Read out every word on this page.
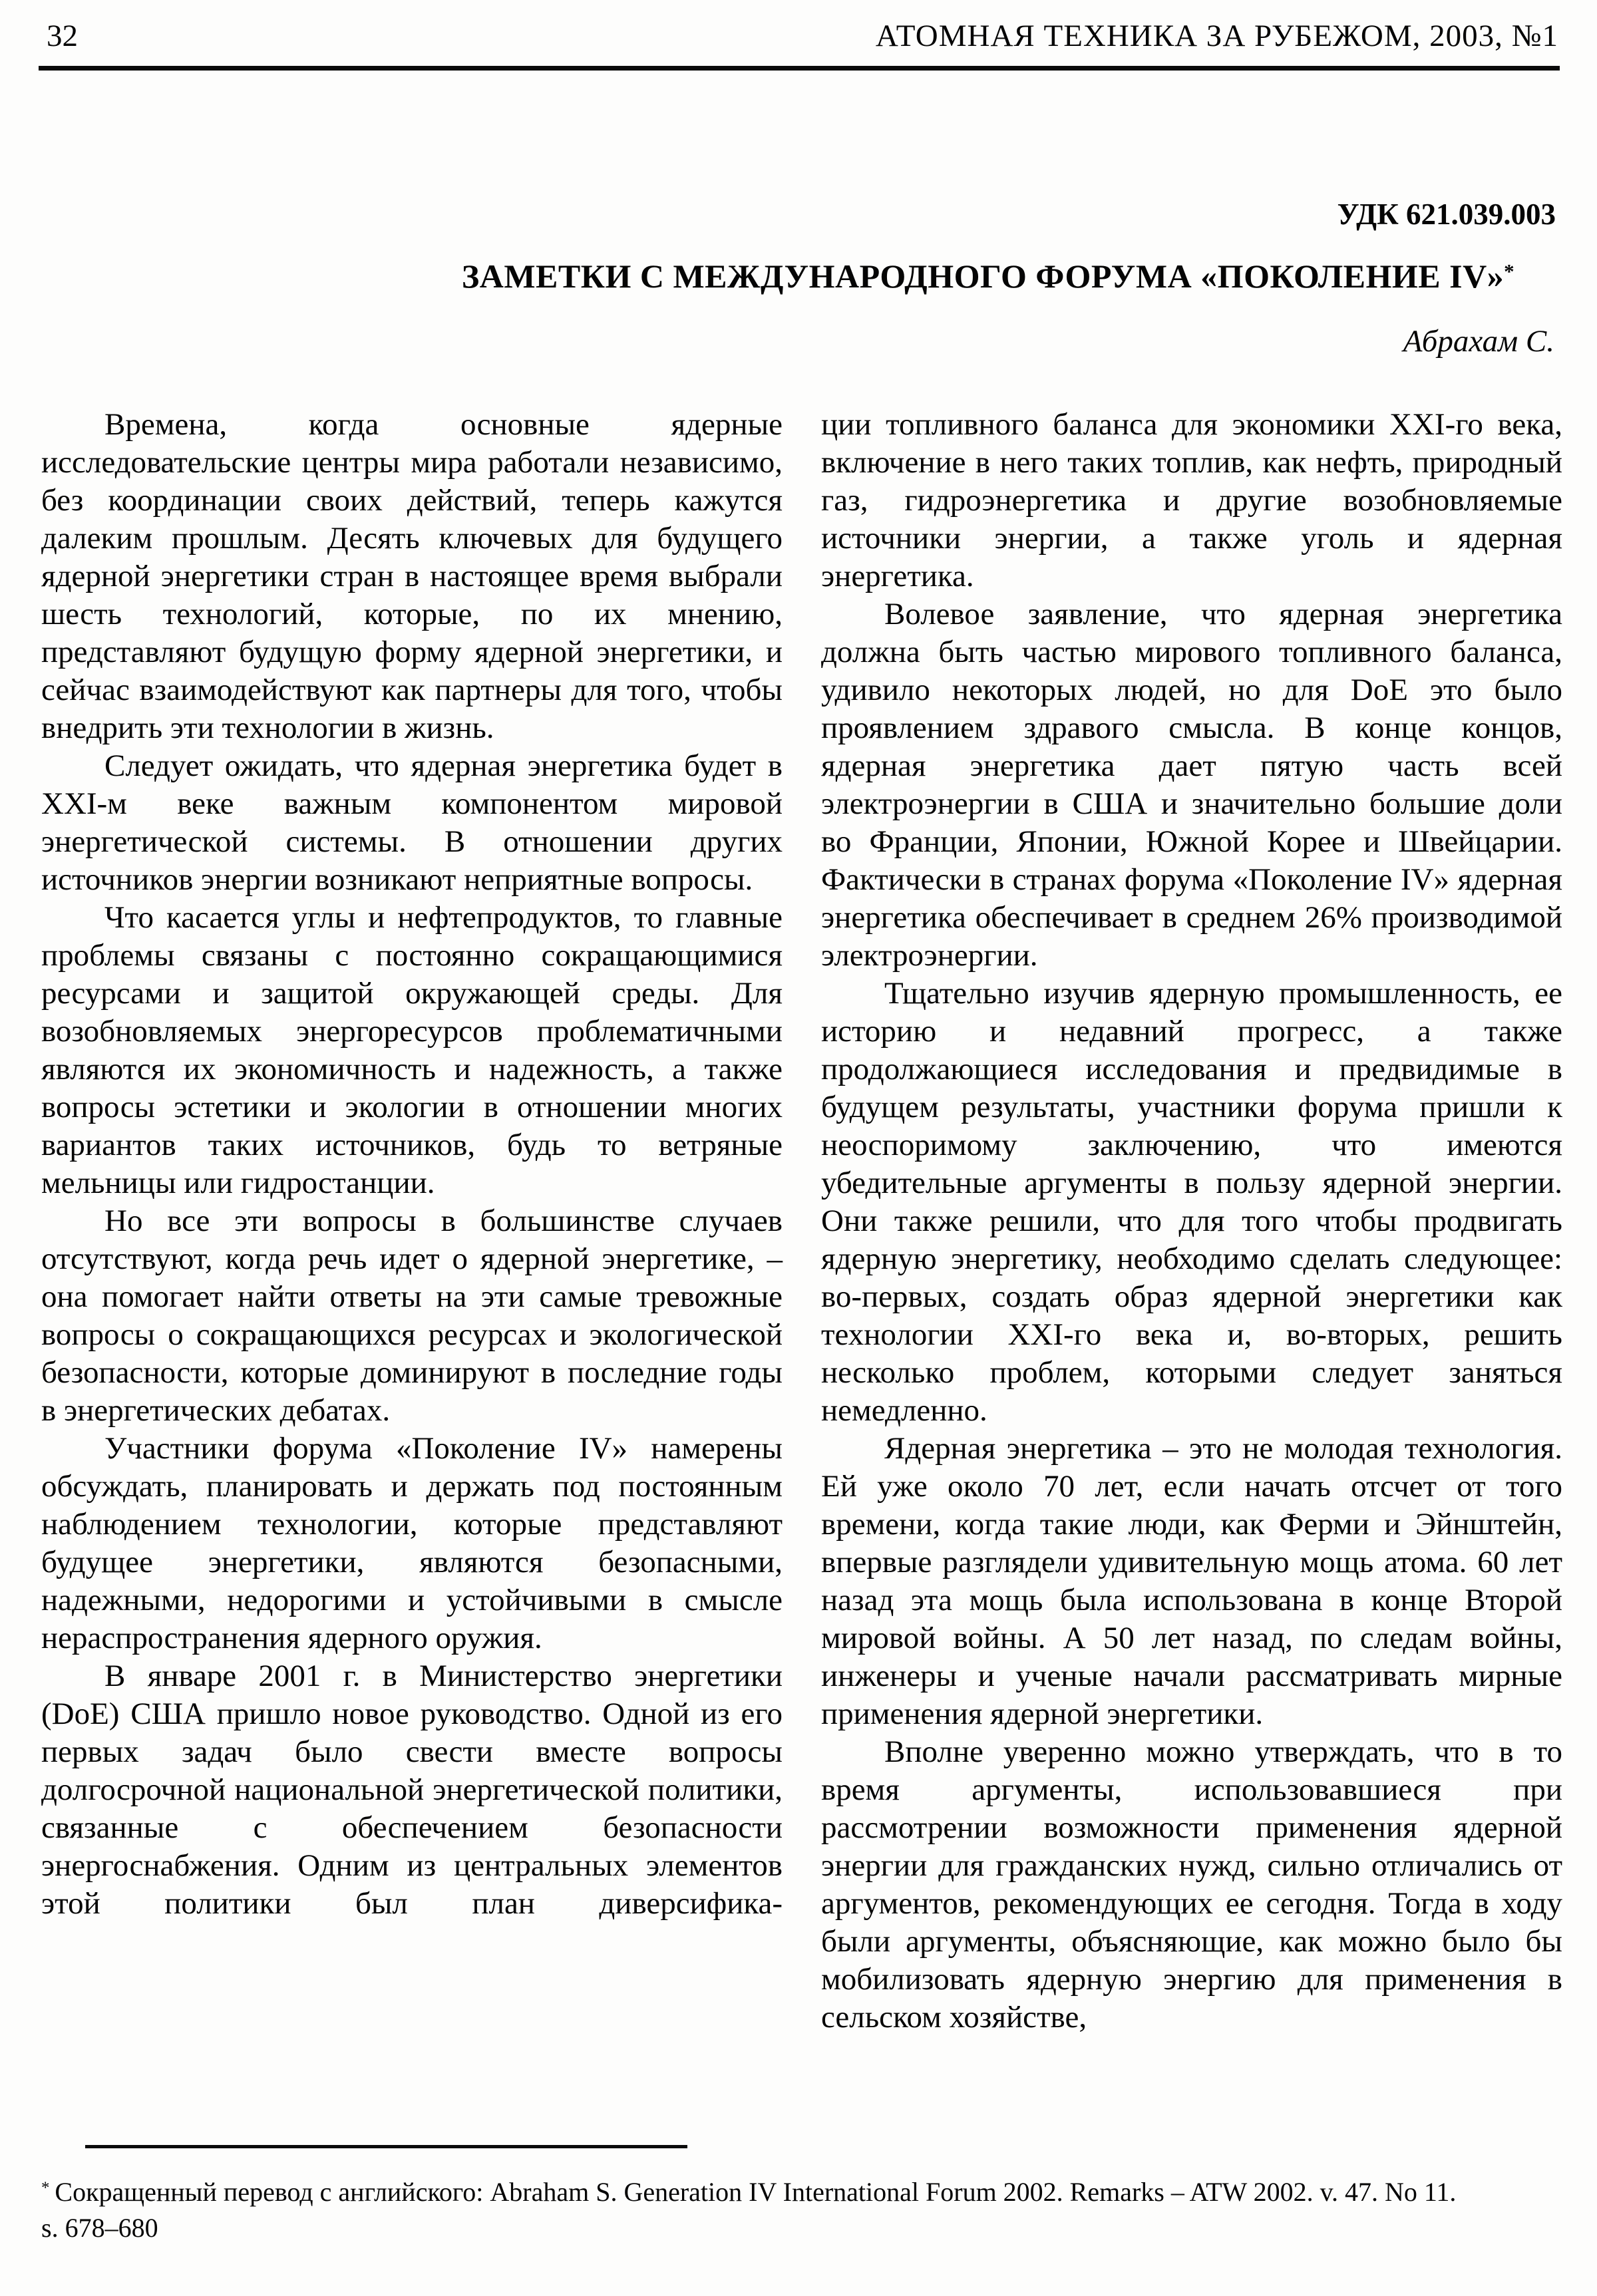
32	АТОМНАЯ ТЕХНИКА ЗА РУБЕЖОМ, 2003, №1
УДК 621.039.003
ЗАМЕТКИ С МЕЖДУНАРОДНОГО ФОРУМА «ПОКОЛЕНИЕ IV»*
Абрахам С.

Времена, когда основные ядерные исследовательские центры мира работали независимо, без координации своих действий, теперь кажутся далеким прошлым. Десять ключевых для будущего ядерной энергетики стран в настоящее время выбрали шесть технологий, которые, по их мнению, представляют будущую форму ядерной энергетики, и сейчас взаимодействуют как партнеры для того, чтобы внедрить эти технологии в жизнь.

Следует ожидать, что ядерная энергетика будет в XXI-м веке важным компонентом мировой энергетической системы. В отношении других источников энергии возникают неприятные вопросы.

Что касается углы и нефтепродуктов, то главные проблемы связаны с постоянно сокращающимися ресурсами и защитой окружающей среды. Для возобновляемых энергоресурсов проблематичными являются их экономичность и надежность, а также вопросы эстетики и экологии в отношении многих вариантов таких источников, будь то ветряные мельницы или гидростанции.

Но все эти вопросы в большинстве случаев отсутствуют, когда речь идет о ядерной энергетике, – она помогает найти ответы на эти самые тревожные вопросы о сокращающихся ресурсах и экологической безопасности, которые доминируют в последние годы в энергетических дебатах.

Участники форума «Поколение IV» намерены обсуждать, планировать и держать под постоянным наблюдением технологии, которые представляют будущее энергетики, являются безопасными, надежными, недорогими и устойчивыми в смысле нераспространения ядерного оружия.

В январе 2001 г. в Министерство энергетики (DoE) США пришло новое руководство. Одной из его первых задач было свести вместе вопросы долгосрочной национальной энергетической политики, связанные с обеспечением безопасности энергоснабжения. Одним из центральных элементов этой политики был план диверсифика-

ции топливного баланса для экономики XXI-го века, включение в него таких топлив, как нефть, природный газ, гидроэнергетика и другие возобновляемые источники энергии, а также уголь и ядерная энергетика.

Волевое заявление, что ядерная энергетика должна быть частью мирового топливного баланса, удивило некоторых людей, но для DoE это было проявлением здравого смысла. В конце концов, ядерная энергетика дает пятую часть всей электроэнергии в США и значительно большие доли во Франции, Японии, Южной Корее и Швейцарии. Фактически в странах форума «Поколение IV» ядерная энергетика обеспечивает в среднем 26% производимой электроэнергии.

Тщательно изучив ядерную промышленность, ее историю и недавний прогресс, а также продолжающиеся исследования и предвидимые в будущем результаты, участники форума пришли к неоспоримому заключению, что имеются убедительные аргументы в пользу ядерной энергии. Они также решили, что для того чтобы продвигать ядерную энергетику, необходимо сделать следующее: во-первых, создать образ ядерной энергетики как технологии XXI-го века и, во-вторых, решить несколько проблем, которыми следует заняться немедленно.

Ядерная энергетика – это не молодая технология. Ей уже около 70 лет, если начать отсчет от того времени, когда такие люди, как Ферми и Эйнштейн, впервые разглядели удивительную мощь атома. 60 лет назад эта мощь была использована в конце Второй мировой войны. А 50 лет назад, по следам войны, инженеры и ученые начали рассматривать мирные применения ядерной энергетики.

Вполне уверенно можно утверждать, что в то время аргументы, использовавшиеся при рассмотрении возможности применения ядерной энергии для гражданских нужд, сильно отличались от аргументов, рекомендующих ее сегодня. Тогда в ходу были аргументы, объясняющие, как можно было бы мобилизовать ядерную энергию для применения в сельском хозяйстве,

* Сокращенный перевод с английского: Abraham S. Generation IV International Forum 2002. Remarks – ATW 2002. v. 47. No 11.
s. 678–680
